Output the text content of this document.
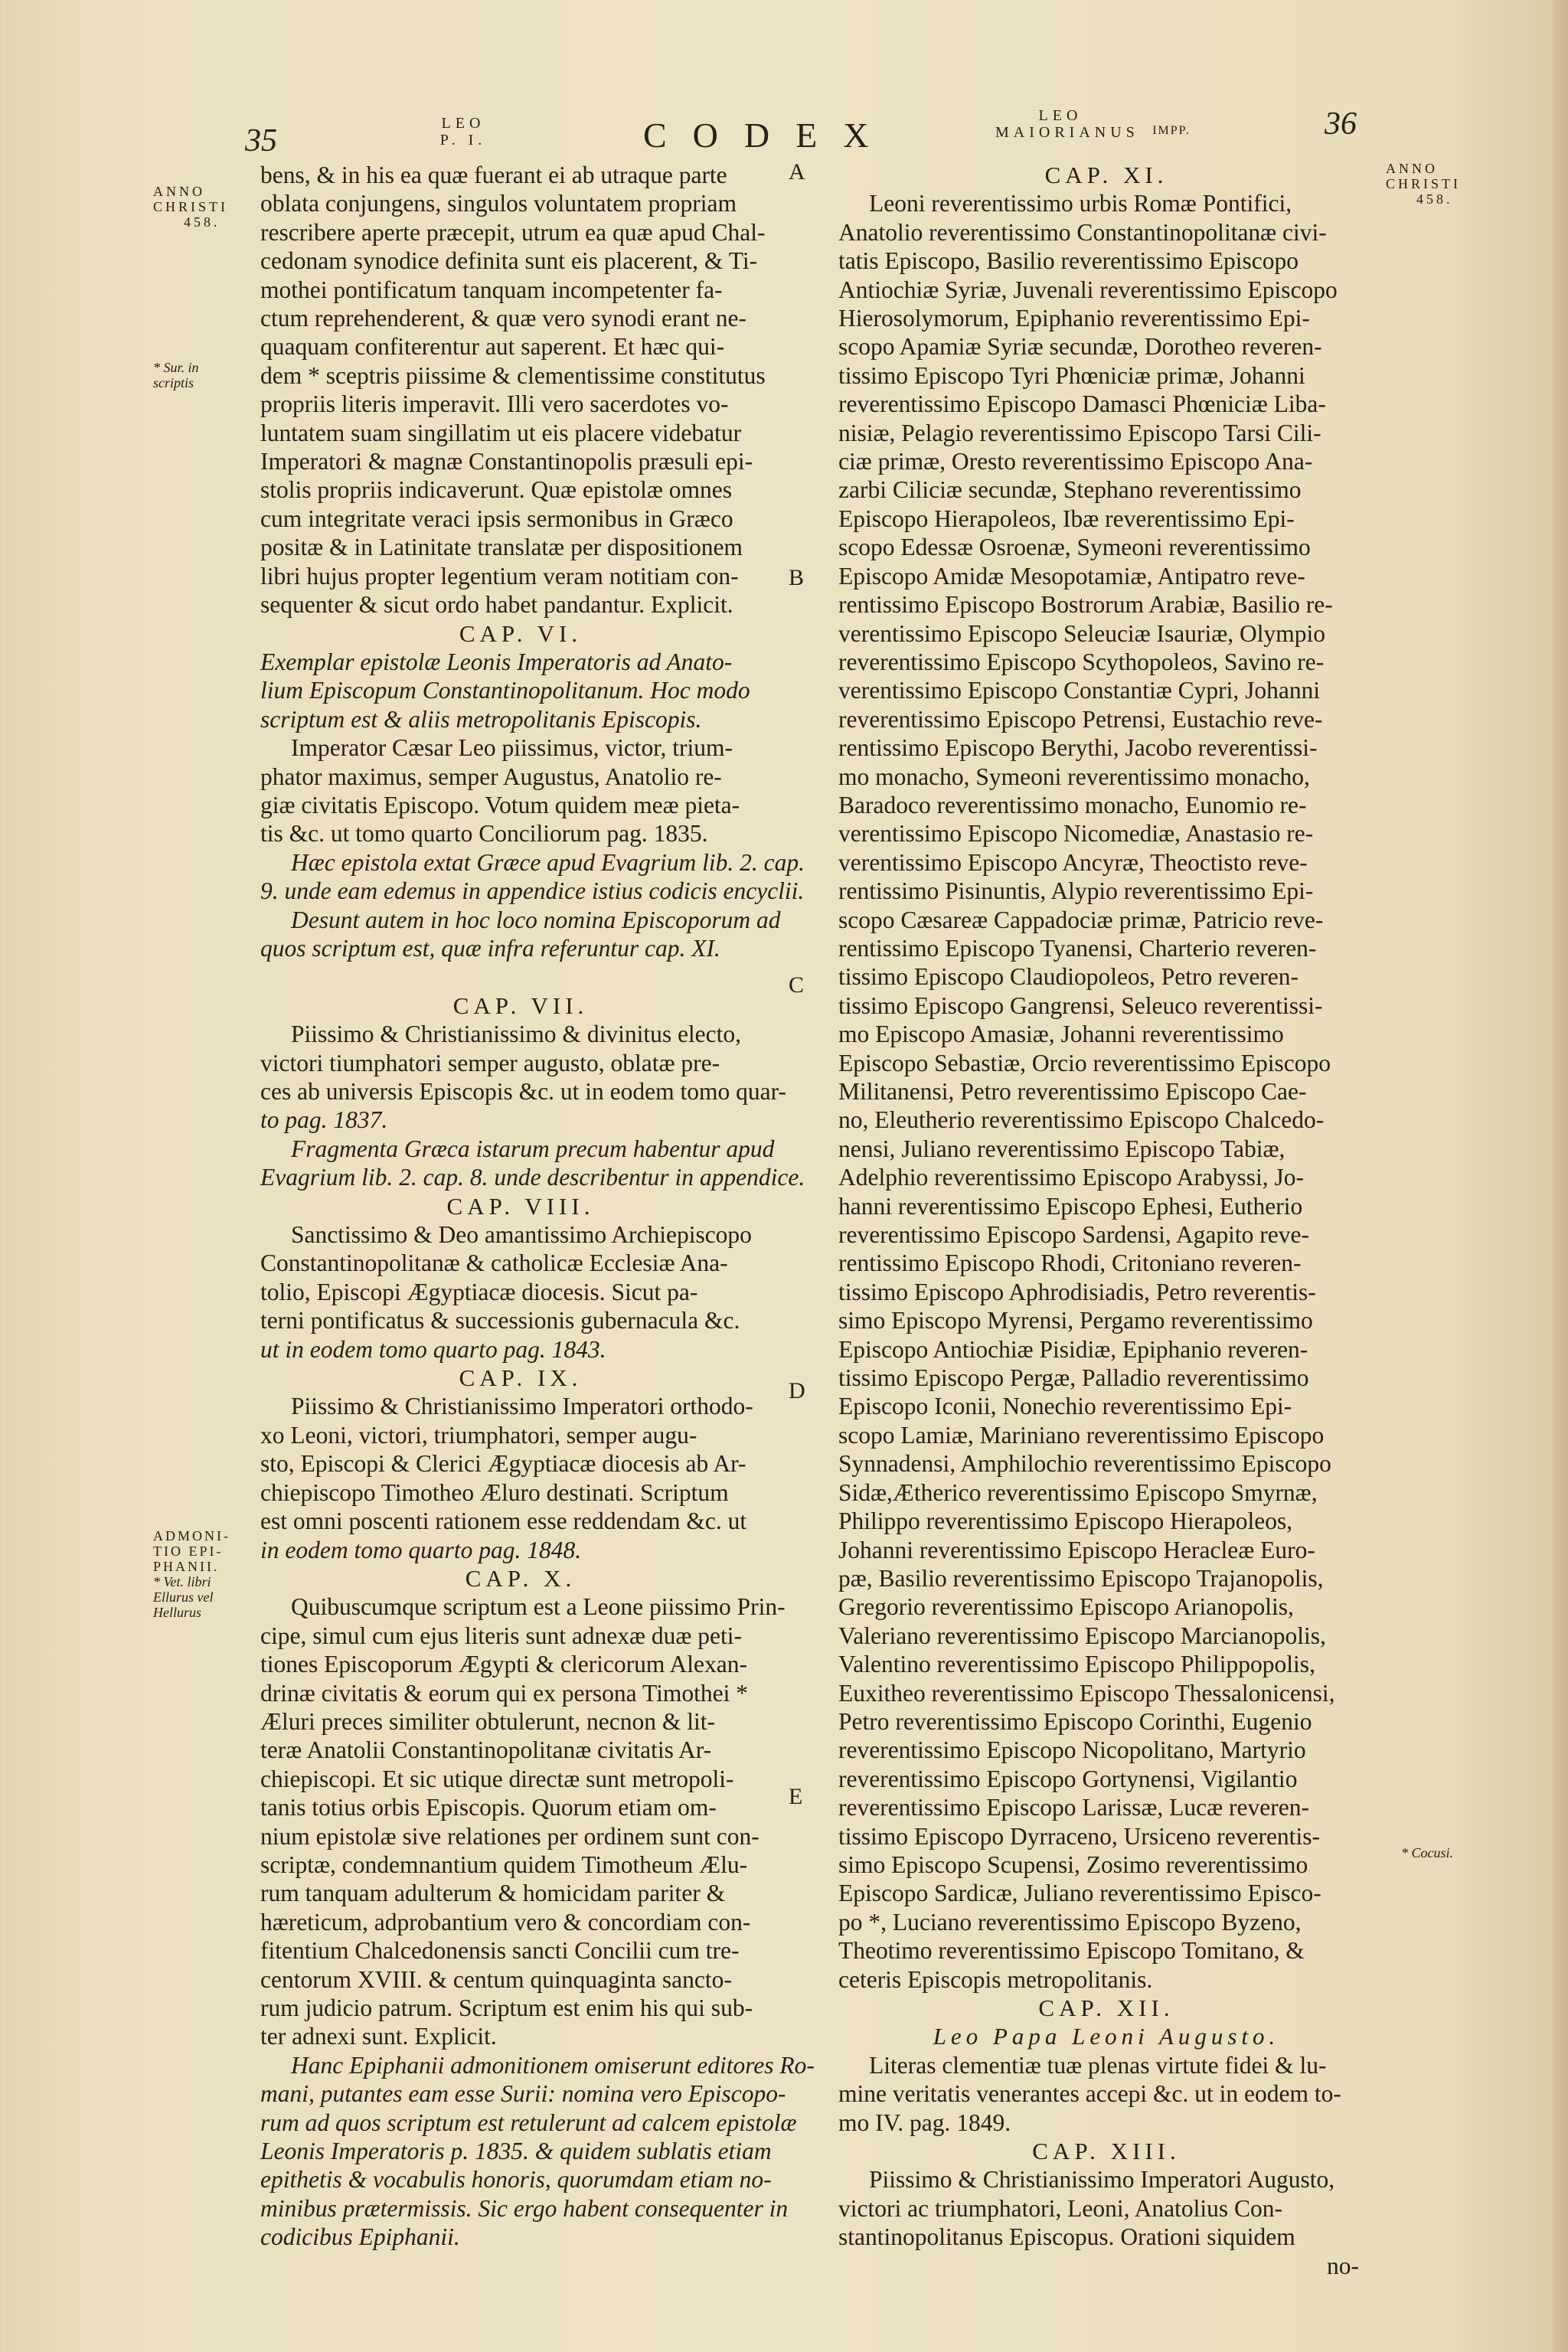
35	LEO
P. I.	CODEX	LEO
MAIORIANUS	IMPP.	36
ANNO
CHRISTI
458.
* Sur. in
scriptis
ADMONI-
TIO EPI-
PHANII.
* Vet. libri
Ellurus vel
Hellurus
ANNO
CHRISTI
458.
* Cocusi.
A
B
C
D
E
bens, & in his ea quæ fuerant ei ab utraque parte
oblata conjungens, singulos voluntatem propriam
rescribere aperte præcepit, utrum ea quæ apud Chal-
cedonam synodice definita sunt eis placerent, & Ti-
mothei pontificatum tanquam incompetenter fa-
ctum reprehenderent, & quæ vero synodi erant ne-
quaquam confiterentur aut saperent. Et hæc qui-
dem * sceptris piissime & clementissime constitutus
propriis literis imperavit. Illi vero sacerdotes vo-
luntatem suam singillatim ut eis placere videbatur
Imperatori & magnæ Constantinopolis præsuli epi-
stolis propriis indicaverunt. Quæ epistolæ omnes
cum integritate veraci ipsis sermonibus in Græco
positæ & in Latinitate translatæ per dispositionem
libri hujus propter legentium veram notitiam con-
sequenter & sicut ordo habet pandantur. Explicit.
CAP. VI.
Exemplar epistolæ Leonis Imperatoris ad Anato-
lium Episcopum Constantinopolitanum. Hoc modo
scriptum est & aliis metropolitanis Episcopis.
Imperator Cæsar Leo piissimus, victor, trium-
phator maximus, semper Augustus, Anatolio re-
giæ civitatis Episcopo. Votum quidem meæ pieta-
tis &c. ut tomo quarto Conciliorum pag. 1835.
Hæc epistola extat Græce apud Evagrium lib. 2. cap.
9. unde eam edemus in appendice istius codicis encyclii.
Desunt autem in hoc loco nomina Episcoporum ad
quos scriptum est, quæ infra referuntur cap. XI.

CAP. VII.
Piissimo & Christianissimo & divinitus electo,
victori tiumphatori semper augusto, oblatæ pre-
ces ab universis Episcopis &c. ut in eodem tomo quar-
to pag. 1837.
Fragmenta Græca istarum precum habentur apud
Evagrium lib. 2. cap. 8. unde describentur in appendice.
CAP. VIII.
Sanctissimo & Deo amantissimo Archiepiscopo
Constantinopolitanæ & catholicæ Ecclesiæ Ana-
tolio, Episcopi Ægyptiacæ diocesis. Sicut pa-
terni pontificatus & successionis gubernacula &c.
ut in eodem tomo quarto pag. 1843.
CAP. IX.
Piissimo & Christianissimo Imperatori orthodo-
xo Leoni, victori, triumphatori, semper augu-
sto, Episcopi & Clerici Ægyptiacæ diocesis ab Ar-
chiepiscopo Timotheo Æluro destinati. Scriptum
est omni poscenti rationem esse reddendam &c. ut
in eodem tomo quarto pag. 1848.
CAP. X.
Quibuscumque scriptum est a Leone piissimo Prin-
cipe, simul cum ejus literis sunt adnexæ duæ peti-
tiones Episcoporum Ægypti & clericorum Alexan-
drinæ civitatis & eorum qui ex persona Timothei *
Æluri preces similiter obtulerunt, necnon & lit-
teræ Anatolii Constantinopolitanæ civitatis Ar-
chiepiscopi. Et sic utique directæ sunt metropoli-
tanis totius orbis Episcopis. Quorum etiam om-
nium epistolæ sive relationes per ordinem sunt con-
scriptæ, condemnantium quidem Timotheum Ælu-
rum tanquam adulterum & homicidam pariter &
hæreticum, adprobantium vero & concordiam con-
fitentium Chalcedonensis sancti Concilii cum tre-
centorum XVIII. & centum quinquaginta sancto-
rum judicio patrum. Scriptum est enim his qui sub-
ter adnexi sunt. Explicit.
Hanc Epiphanii admonitionem omiserunt editores Ro-
mani, putantes eam esse Surii: nomina vero Episcopo-
rum ad quos scriptum est retulerunt ad calcem epistolæ
Leonis Imperatoris p. 1835. & quidem sublatis etiam
epithetis & vocabulis honoris, quorumdam etiam no-
minibus prætermissis. Sic ergo habent consequenter in
codicibus Epiphanii.
CAP. XI.
Leoni reverentissimo urbis Romæ Pontifici,
Anatolio reverentissimo Constantinopolitanæ civi-
tatis Episcopo, Basilio reverentissimo Episcopo
Antiochiæ Syriæ, Juvenali reverentissimo Episcopo
Hierosolymorum, Epiphanio reverentissimo Epi-
scopo Apamiæ Syriæ secundæ, Dorotheo reveren-
tissimo Episcopo Tyri Phœniciæ primæ, Johanni
reverentissimo Episcopo Damasci Phœniciæ Liba-
nisiæ, Pelagio reverentissimo Episcopo Tarsi Cili-
ciæ primæ, Oresto reverentissimo Episcopo Ana-
zarbi Ciliciæ secundæ, Stephano reverentissimo
Episcopo Hierapoleos, Ibæ reverentissimo Epi-
scopo Edessæ Osroenæ, Symeoni reverentissimo
Episcopo Amidæ Mesopotamiæ, Antipatro reve-
rentissimo Episcopo Bostrorum Arabiæ, Basilio re-
verentissimo Episcopo Seleuciæ Isauriæ, Olympio
reverentissimo Episcopo Scythopoleos, Savino re-
verentissimo Episcopo Constantiæ Cypri, Johanni
reverentissimo Episcopo Petrensi, Eustachio reve-
rentissimo Episcopo Berythi, Jacobo reverentissi-
mo monacho, Symeoni reverentissimo monacho,
Baradoco reverentissimo monacho, Eunomio re-
verentissimo Episcopo Nicomediæ, Anastasio re-
verentissimo Episcopo Ancyræ, Theoctisto reve-
rentissimo Pisinuntis, Alypio reverentissimo Epi-
scopo Cæsareæ Cappadociæ primæ, Patricio reve-
rentissimo Episcopo Tyanensi, Charterio reveren-
tissimo Episcopo Claudiopoleos, Petro reveren-
tissimo Episcopo Gangrensi, Seleuco reverentissi-
mo Episcopo Amasiæ, Johanni reverentissimo
Episcopo Sebastiæ, Orcio reverentissimo Episcopo
Militanensi, Petro reverentissimo Episcopo Cae-
no, Eleutherio reverentissimo Episcopo Chalcedo-
nensi, Juliano reverentissimo Episcopo Tabiæ,
Adelphio reverentissimo Episcopo Arabyssi, Jo-
hanni reverentissimo Episcopo Ephesi, Eutherio
reverentissimo Episcopo Sardensi, Agapito reve-
rentissimo Episcopo Rhodi, Critoniano reveren-
tissimo Episcopo Aphrodisiadis, Petro reverentis-
simo Episcopo Myrensi, Pergamo reverentissimo
Episcopo Antiochiæ Pisidiæ, Epiphanio reveren-
tissimo Episcopo Pergæ, Palladio reverentissimo
Episcopo Iconii, Nonechio reverentissimo Epi-
scopo Lamiæ, Mariniano reverentissimo Episcopo
Synnadensi, Amphilochio reverentissimo Episcopo
Sidæ,Ætherico reverentissimo Episcopo Smyrnæ,
Philippo reverentissimo Episcopo Hierapoleos,
Johanni reverentissimo Episcopo Heracleæ Euro-
pæ, Basilio reverentissimo Episcopo Trajanopolis,
Gregorio reverentissimo Episcopo Arianopolis,
Valeriano reverentissimo Episcopo Marcianopolis,
Valentino reverentissimo Episcopo Philippopolis,
Euxitheo reverentissimo Episcopo Thessalonicensi,
Petro reverentissimo Episcopo Corinthi, Eugenio
reverentissimo Episcopo Nicopolitano, Martyrio
reverentissimo Episcopo Gortynensi, Vigilantio
reverentissimo Episcopo Larissæ, Lucæ reveren-
tissimo Episcopo Dyrraceno, Ursiceno reverentis-
simo Episcopo Scupensi, Zosimo reverentissimo
Episcopo Sardicæ, Juliano reverentissimo Episco-
po *, Luciano reverentissimo Episcopo Byzeno,
Theotimo reverentissimo Episcopo Tomitano, &
ceteris Episcopis metropolitanis.
CAP. XII.
Leo Papa Leoni Augusto.
Literas clementiæ tuæ plenas virtute fidei & lu-
mine veritatis venerantes accepi &c. ut in eodem to-
mo IV. pag. 1849.
CAP. XIII.
Piissimo & Christianissimo Imperatori Augusto,
victori ac triumphatori, Leoni, Anatolius Con-
stantinopolitanus Episcopus. Orationi siquidem
no-
